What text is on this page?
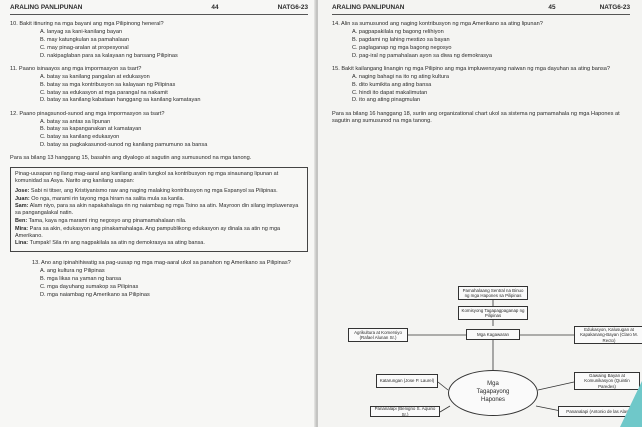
ARALING PANLIPUNAN	44	NATG6-23
10. Bakit itinuring na mga bayani ang mga Pilipinong heneral?
A. lanyag sa kani-kanilang bayan
B. may katungkulan sa pamahalaan
C. may pinag-aralan at propesyonal
D. nakipaglaban para sa kalayaan ng bansang Pilipinas
11. Paano isinaayos ang mga impormasyon sa tsart?
A. batay sa kanilang pangalan at edukasyon
B. batay sa mga kontribusyon sa kalayaan ng Pilipinas
C. batay sa edukasyon at mga parangal na nakamit
D. batay sa kanilang kabataan hanggang sa kanilang kamatayan
12. Paano pinagsunod-sunod ang mga impormasyon sa tsart?
A. batay sa antas sa lipunan
B. batay sa kapanganakan at kamatayan
C. batay sa kanilang edukasyon
D. batay sa pagkakasunod-sunod ng kanilang pamumuno sa bansa
Para sa bilang 13 hanggang 15, basahin ang diyalogo at sagutin ang sumusunod na mga tanong.
Pinag-uusapan ng ilang mag-aaral ang kanilang aralin tungkol sa kontribusyon ng mga sinaunang lipunan at komunidad sa Asya. Narito ang kanilang usapan:

Jose: Sabi ni titser, ang Kristiyanismo raw ang naging malaking kontribusyon ng mga Espanyol sa Pilipinas.

Juan: Oo nga, marami rin tayong mga hiram na salita mula sa kanila.

Sam: Alam niyo, para sa akin napakahalaga rin ng naiambag ng mga Tsino sa atin. Mayroon din silang impluwensya sa pangangalakal natin.

Ben: Tama, kaya nga marami ring negosyo ang pinamamahalaan nila.

Mira: Para sa akin, edukasyon ang pinakamahalaga. Ang pampublikong edukasyon ay dinala sa atin ng mga Amerikano.

Lina: Tumpak! Sila rin ang nagpakilala sa atin ng demokrasya sa ating bansa.

13. Ano ang ipinahihiwatig sa pag-uusap ng mga mag-aaral ukol sa panahon ng Amerikano sa Pilipinas?
A. ang kultura ng Pilipinas
B. mga likas na yaman ng bansa
C. mga dayuhang sumakop sa Pilipinas
D. mga naiambag ng Amerikano sa Pilipinas
ARALING PANLIPUNAN	45	NATG6-23
14. Alin sa sumusunod ang naging kontribusyon ng mga Amerikano sa ating lipunan?
A. pagpapakilala ng bagong relihiyon
B. pagdami ng lahing mestizo sa bayan
C. paglaganap ng mga bagong negosyo
D. pag-iral ng pamahalaan ayon sa diwa ng demokrasya
15. Bakit kailangang linangin ng mga Pilipino ang mga impluwensyang naiwan ng mga dayuhan sa ating bansa?
A. naging bahagi na ito ng ating kultura
B. dito kumikita ang ating bansa
C. hindi ito dapat makalimutan
D. ito ang ating pinagmulan
Para sa bilang 16 hanggang 18, suriin ang organizational chart ukol sa sistema ng pamamahala ng mga Hapones at sagutin ang sumusunod na mga tanong.
Pamahalaang Sentral na Binuo ng mga Hapones sa Pilipinas
Komisyong Tagapagpaganap ng Pilipinas
Agrikultura at Komersiyo (Rafael Alunan Sr.)
Mga Kagawaran
Edukasyon, Kalusugan at Kapakanang-Bayan (Claro M. Recto)
Gawaing Bayan at Komunikasyon (Quintin Paredes)
Katarungan (Jose P. Laurel)
Pananalapi (Benigno S. Aquino Sr.)
Pananalapi (Antonio de las Alas)
Mga
Tagapayong
Hapones
